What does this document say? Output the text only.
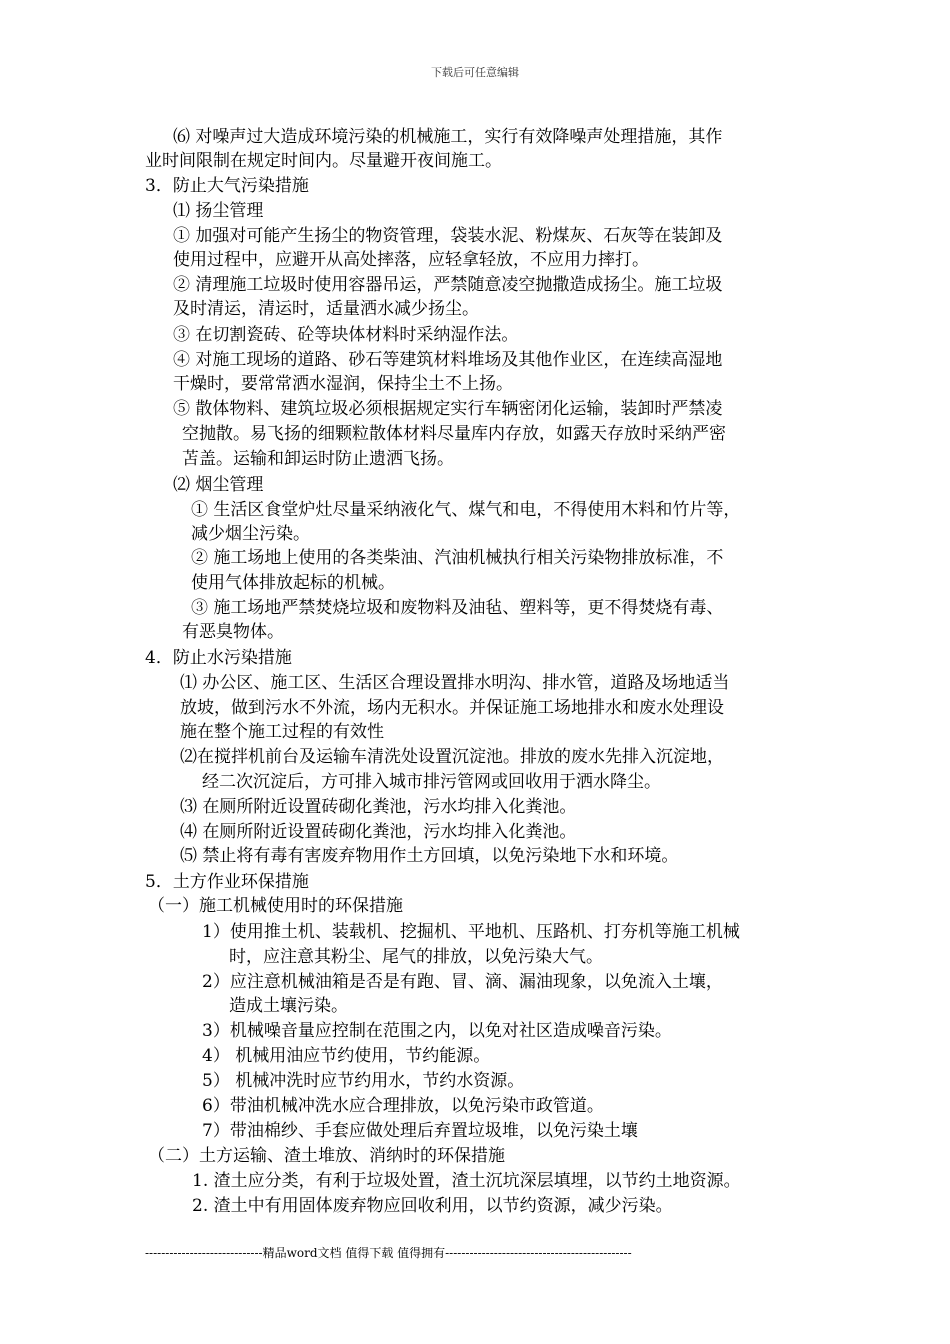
下载后可任意编辑
⑹ 对噪声过大造成环境污染的机械施工，实行有效降噪声处理措施，其作
业时间限制在规定时间内。尽量避开夜间施工。
3．防止大气污染措施
⑴ 扬尘管理
① 加强对可能产生扬尘的物资管理，袋装水泥、粉煤灰、石灰等在装卸及
使用过程中，应避开从高处摔落，应轻拿轻放，不应用力摔打。
② 清理施工垃圾时使用容器吊运，严禁随意凌空抛撒造成扬尘。施工垃圾
及时清运，清运时，适量洒水减少扬尘。
③ 在切割瓷砖、砼等块体材料时采纳湿作法。
④ 对施工现场的道路、砂石等建筑材料堆场及其他作业区，在连续高湿地
干燥时，要常常洒水湿润，保持尘土不上扬。
⑤ 散体物料、建筑垃圾必须根据规定实行车辆密闭化运输，装卸时严禁凌
空抛散。易飞扬的细颗粒散体材料尽量库内存放，如露天存放时采纳严密
苫盖。运输和卸运时防止遗洒飞扬。
⑵ 烟尘管理
① 生活区食堂炉灶尽量采纳液化气、煤气和电，不得使用木料和竹片等，
减少烟尘污染。
② 施工场地上使用的各类柴油、汽油机械执行相关污染物排放标准，不
使用气体排放起标的机械。
③ 施工场地严禁焚烧垃圾和废物料及油毡、塑料等，更不得焚烧有毒、
有恶臭物体。
4．防止水污染措施
⑴ 办公区、施工区、生活区合理设置排水明沟、排水管，道路及场地适当
放坡，做到污水不外流，场内无积水。并保证施工场地排水和废水处理设
施在整个施工过程的有效性
⑵在搅拌机前台及运输车清洗处设置沉淀池。排放的废水先排入沉淀地，
经二次沉淀后，方可排入城市排污管网或回收用于洒水降尘。
⑶ 在厕所附近设置砖砌化粪池，污水均排入化粪池。
⑷ 在厕所附近设置砖砌化粪池，污水均排入化粪池。
⑸ 禁止将有毒有害废弃物用作土方回填，以免污染地下水和环境。
5．土方作业环保措施
（一）施工机械使用时的环保措施
1）使用推土机、装载机、挖掘机、平地机、压路机、打夯机等施工机械
时，应注意其粉尘、尾气的排放，以免污染大气。
2）应注意机械油箱是否是有跑、冒、滴、漏油现象，以免流入土壤，
造成土壤污染。
3）机械噪音量应控制在范围之内，以免对社区造成噪音污染。
4） 机械用油应节约使用，节约能源。
5） 机械冲洗时应节约用水，节约水资源。
6）带油机械冲洗水应合理排放，以免污染市政管道。
7）带油棉纱、手套应做处理后弃置垃圾堆，以免污染土壤
（二）土方运输、渣土堆放、消纳时的环保措施
1. 渣土应分类，有利于垃圾处置，渣土沉坑深层填埋，以节约土地资源。
2. 渣土中有用固体废弃物应回收利用，以节约资源，减少污染。
-----------------------------精品word文档 值得下载 值得拥有----------------------------------------------
